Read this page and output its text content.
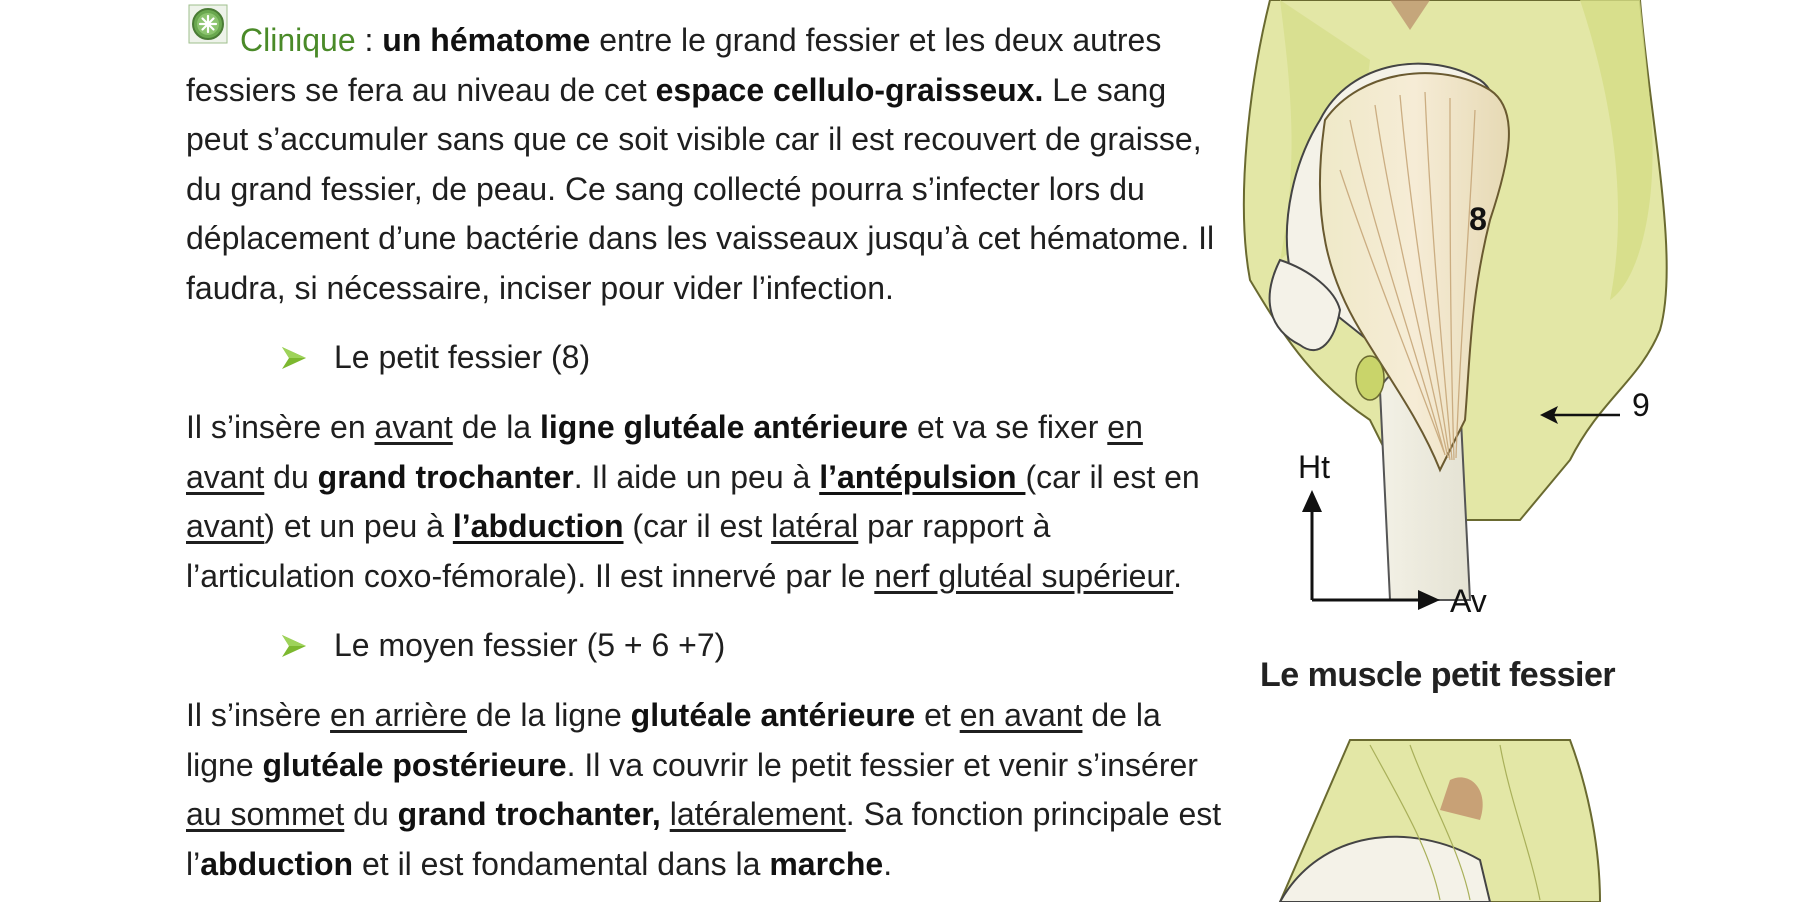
Clinique : un hématome entre le grand fessier et les deux autres fessiers se fera au niveau de cet espace cellulo-graisseux. Le sang peut s’accumuler sans que ce soit visible car il est recouvert de graisse, du grand fessier, de peau. Ce sang collecté pourra s’infecter lors du déplacement d’une bactérie dans les vaisseaux jusqu’à cet hématome. Il faudra, si nécessaire, inciser pour vider l’infection.

Le petit fessier (8)

Il s’insère en avant de la ligne glutéale antérieure et va se fixer en avant du grand trochanter. Il aide un peu à l’antépulsion (car il est en avant) et un peu à l’abduction (car il est latéral par rapport à l’articulation coxo-fémorale). Il est innervé par le nerf glutéal supérieur.

Le moyen fessier (5 + 6 +7)

Il s’insère en arrière de la ligne glutéale antérieure et en avant de la ligne glutéale postérieure. Il va couvrir le petit fessier et venir s’insérer au sommet du grand trochanter, latéralement. Sa fonction principale est l’abduction et il est fondamental dans la marche.

8
9
Ht
Av
Le muscle petit fessier
